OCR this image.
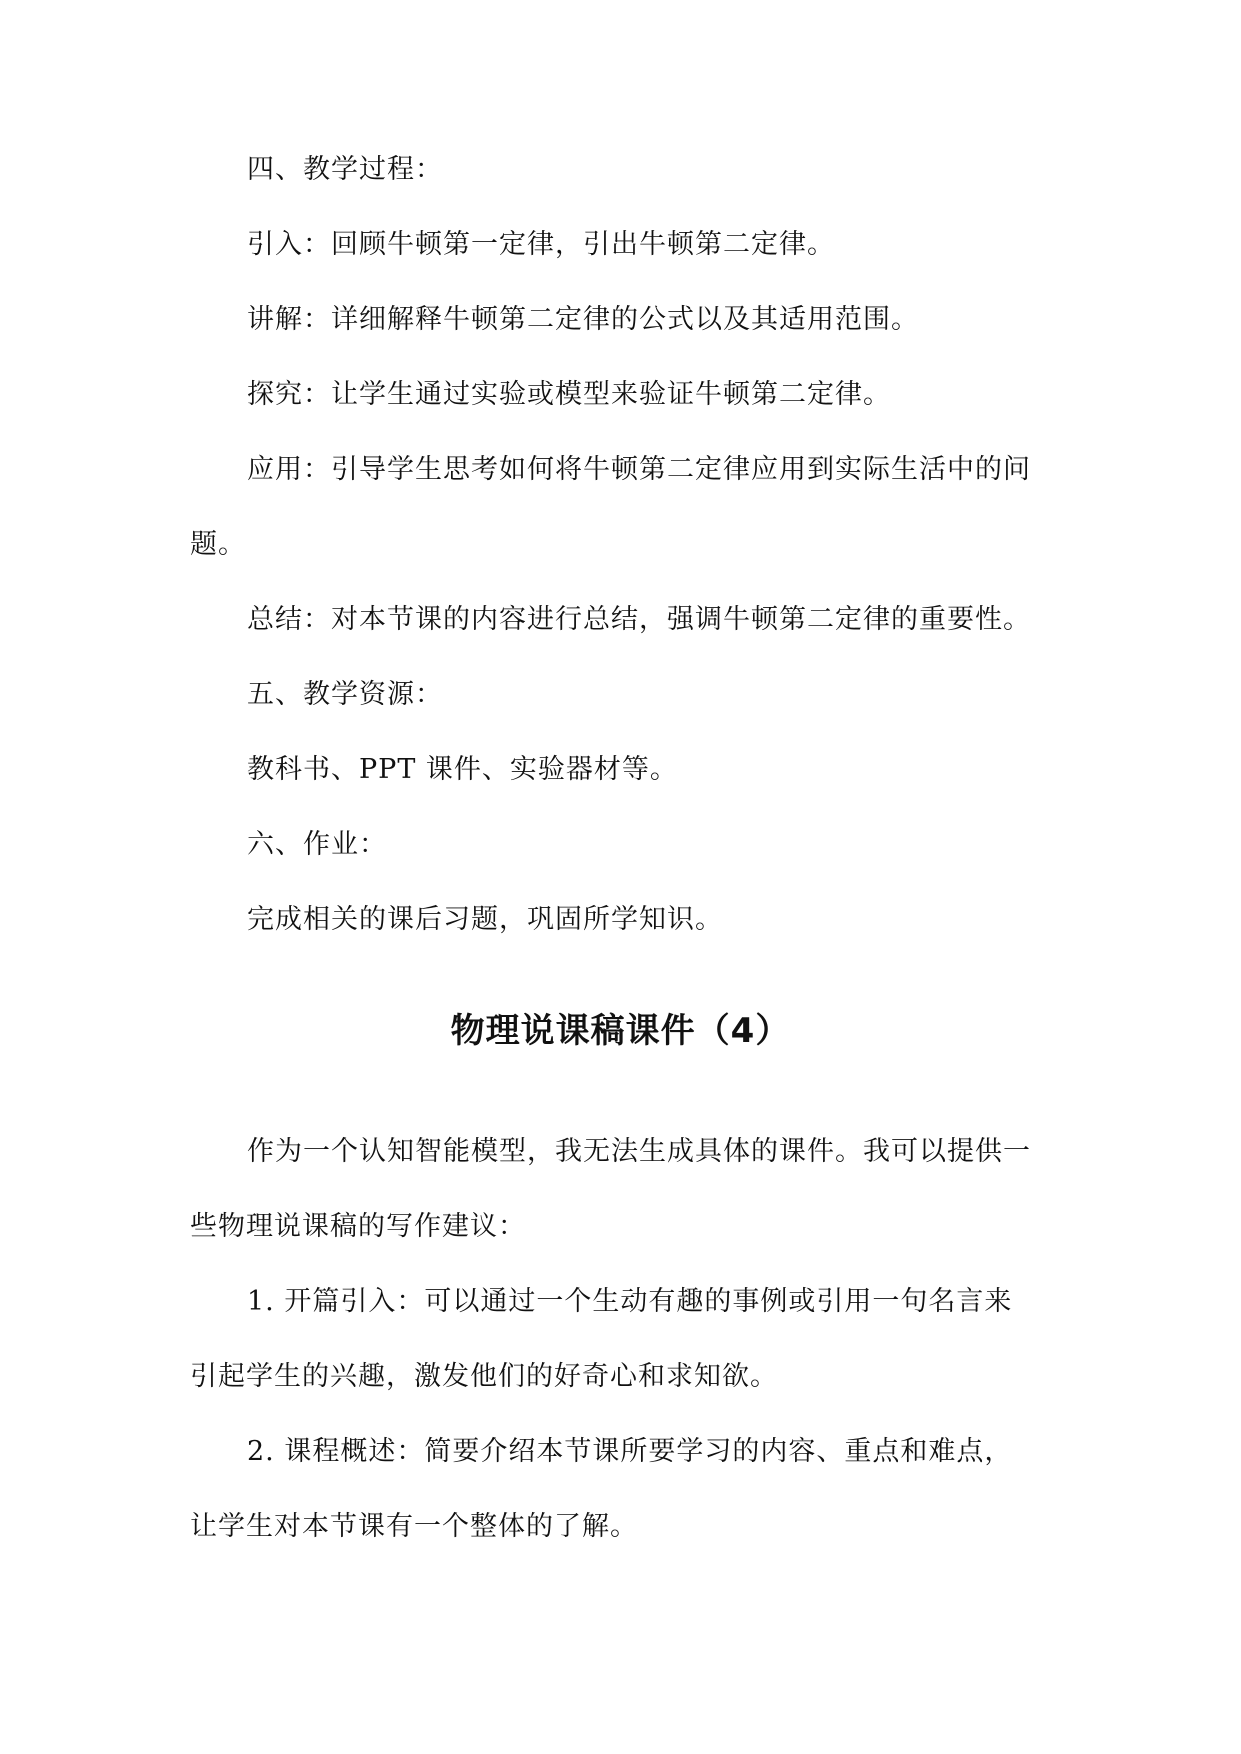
四、教学过程：
引入：回顾牛顿第一定律，引出牛顿第二定律。
讲解：详细解释牛顿第二定律的公式以及其适用范围。
探究：让学生通过实验或模型来验证牛顿第二定律。
应用：引导学生思考如何将牛顿第二定律应用到实际生活中的问
题。
总结：对本节课的内容进行总结，强调牛顿第二定律的重要性。
五、教学资源：
教科书、PPT 课件、实验器材等。
六、作业：
完成相关的课后习题，巩固所学知识。
物理说课稿课件（4）
作为一个认知智能模型，我无法生成具体的课件。我可以提供一
些物理说课稿的写作建议：
1. 开篇引入：可以通过一个生动有趣的事例或引用一句名言来
引起学生的兴趣，激发他们的好奇心和求知欲。
2. 课程概述：简要介绍本节课所要学习的内容、重点和难点，
让学生对本节课有一个整体的了解。
